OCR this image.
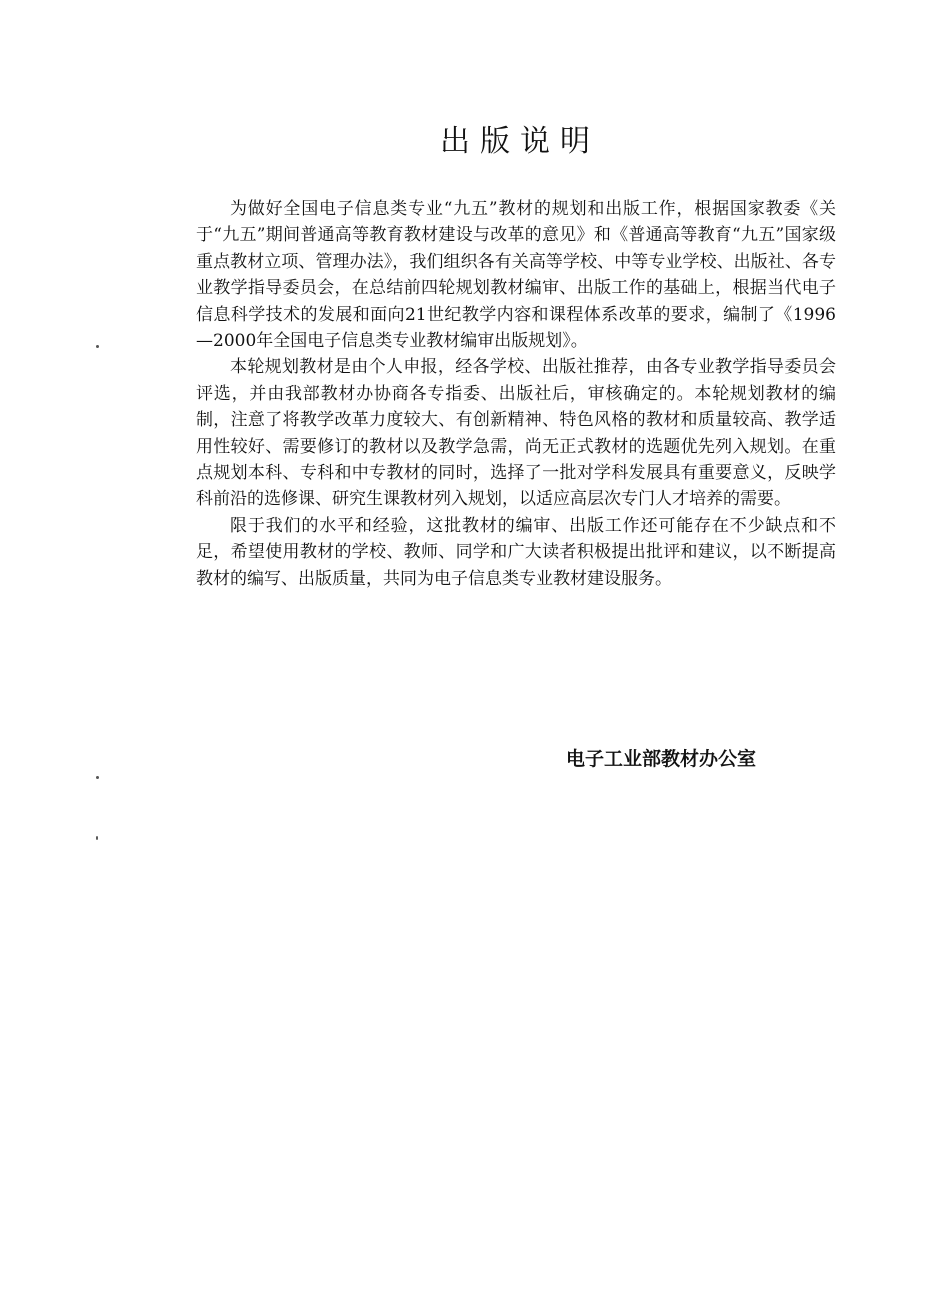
出版说明

为做好全国电子信息类专业“九五”教材的规划和出版工作，根据国家教委《关于“九五”期间普通高等教育教材建设与改革的意见》和《普通高等教育“九五”国家级重点教材立项、管理办法》，我们组织各有关高等学校、中等专业学校、出版社、各专业教学指导委员会，在总结前四轮规划教材编审、出版工作的基础上，根据当代电子信息科学技术的发展和面向21世纪教学内容和课程体系改革的要求，编制了《1996—2000年全国电子信息类专业教材编审出版规划》。

本轮规划教材是由个人申报，经各学校、出版社推荐，由各专业教学指导委员会评选，并由我部教材办协商各专指委、出版社后，审核确定的。本轮规划教材的编制，注意了将教学改革力度较大、有创新精神、特色风格的教材和质量较高、教学适用性较好、需要修订的教材以及教学急需，尚无正式教材的选题优先列入规划。在重点规划本科、专科和中专教材的同时，选择了一批对学科发展具有重要意义，反映学科前沿的选修课、研究生课教材列入规划，以适应高层次专门人才培养的需要。

限于我们的水平和经验，这批教材的编审、出版工作还可能存在不少缺点和不足，希望使用教材的学校、教师、同学和广大读者积极提出批评和建议，以不断提高教材的编写、出版质量，共同为电子信息类专业教材建设服务。

电子工业部教材办公室
